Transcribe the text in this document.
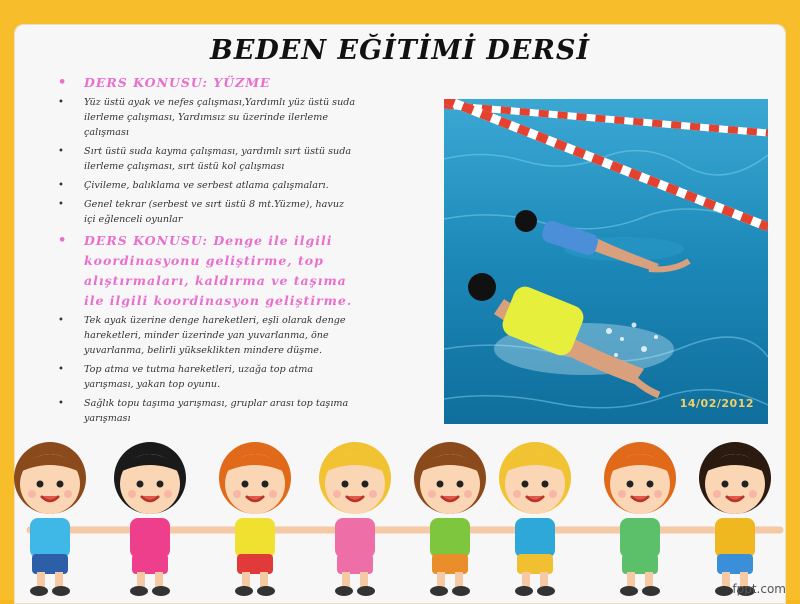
BEDEN EĞİTİMİ DERSİ
• DERS KONUSU: YÜZME
• Yüz üstü ayak ve nefes çalışması,Yardımlı yüz üstü suda ilerleme çalışması, Yardımsız su üzerinde ilerleme çalışması
• Sırt üstü suda kayma çalışması, yardımlı sırt üstü suda ilerleme çalışması, sırt üstü kol çalışması
• Çivileme, balıklama ve serbest atlama çalışmaları.
• Genel tekrar (serbest ve sırt üstü 8 mt.Yüzme), havuz içi eğlenceli oyunlar
• DERS KONUSU: Denge ile ilgili koordinasyonu geliştirme, top alıştırmaları, kaldırma ve taşıma ile ilgili koordinasyon geliştirme.
• Tek ayak üzerine denge hareketleri, eşli olarak denge hareketleri, minder üzerinde yan yuvarlanma, öne yuvarlanma, belirli yükseklikten mindere düşme.
• Top atma ve tutma hareketleri, uzağa top atma yarışması, yakan top oyunu.
• Sağlık topu taşıma yarışması, gruplar arası top taşıma yarışması
14/02/2012
fppt.com
